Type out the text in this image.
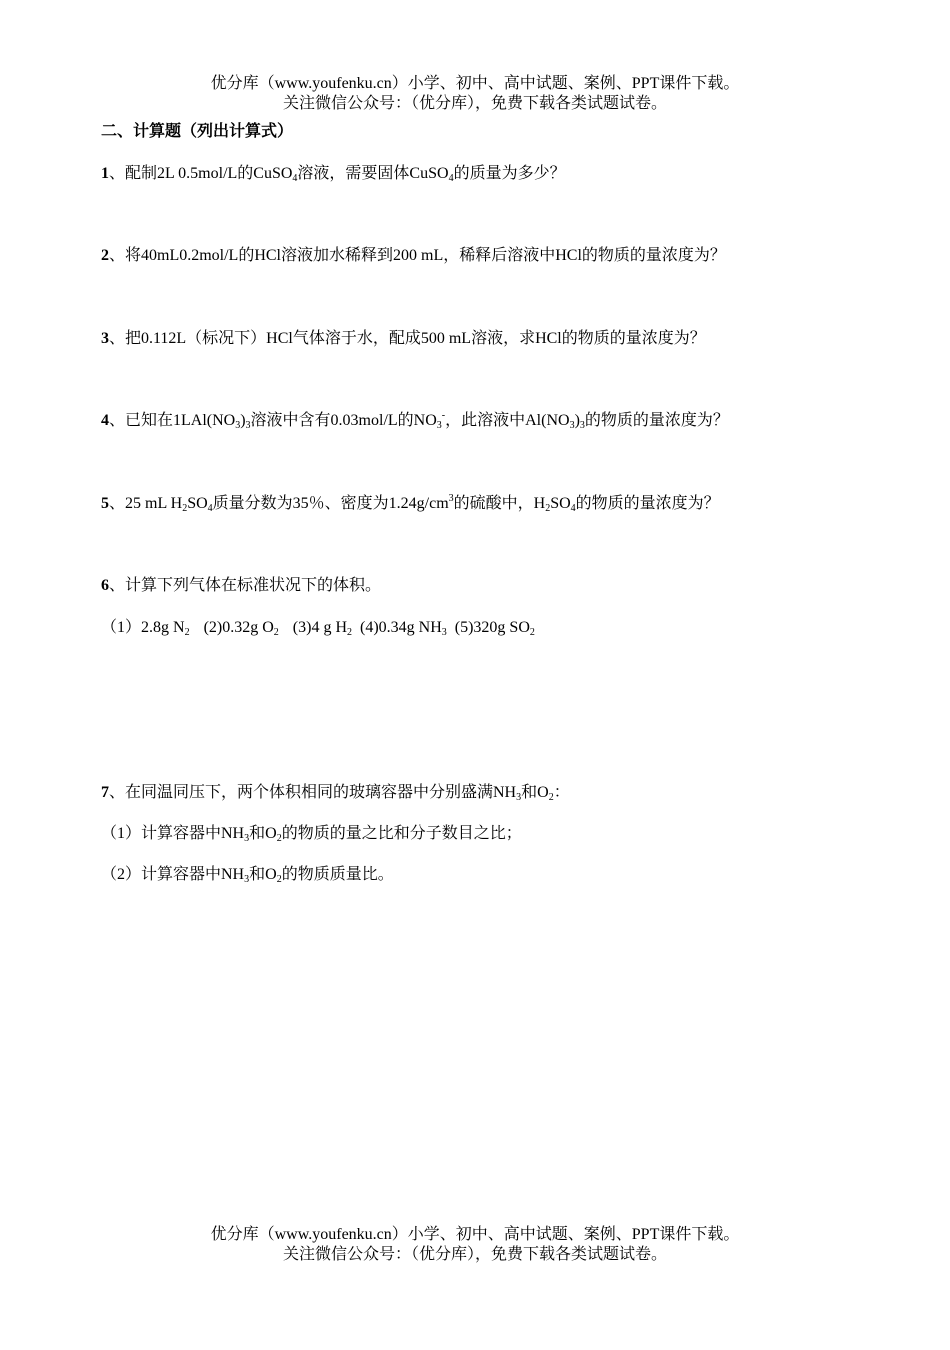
优分库（www.youfenku.cn）小学、初中、高中试题、案例、PPT课件下载。
关注微信公众号：（优分库），免费下载各类试题试卷。
二、计算题（列出计算式）
1、配制2L 0.5mol/L的CuSO$_4$溶液，需要固体CuSO$_4$的质量为多少？
2、将40mL0.2mol/L的HCl溶液加水稀释到200 mL，稀释后溶液中HCl的物质的量浓度为？
3、把0.112L（标况下）HCl气体溶于水，配成500 mL溶液，求HCl的物质的量浓度为？
4、已知在$1LAl(NO_3)_3$溶液中含有0.03mol/L的$NO_3^-$，此溶液中$Al(NO_3)_3$的物质的量浓度为？
5、25 mL $H_2SO_4$质量分数为35％、密度为$1.24g/cm^3$的硫酸中，$H_2SO_4$的物质的量浓度为？
6、计算下列气体在标准状况下的体积。
（1）2.8g $N_2$ (2)0.32g $O_2$ (3)4 g $H_2$ (4)0.34g $NH_3$ (5)320g $SO_2$
7、在同温同压下，两个体积相同的玻璃容器中分别盛满$NH_3$和$O_2$：
（1）计算容器中$NH_3$和$O_2$的物质的量之比和分子数目之比；
（2）计算容器中$NH_3$和$O_2$的物质质量比。
优分库（www.youfenku.cn）小学、初中、高中试题、案例、PPT课件下载。
关注微信公众号：（优分库），免费下载各类试题试卷。
